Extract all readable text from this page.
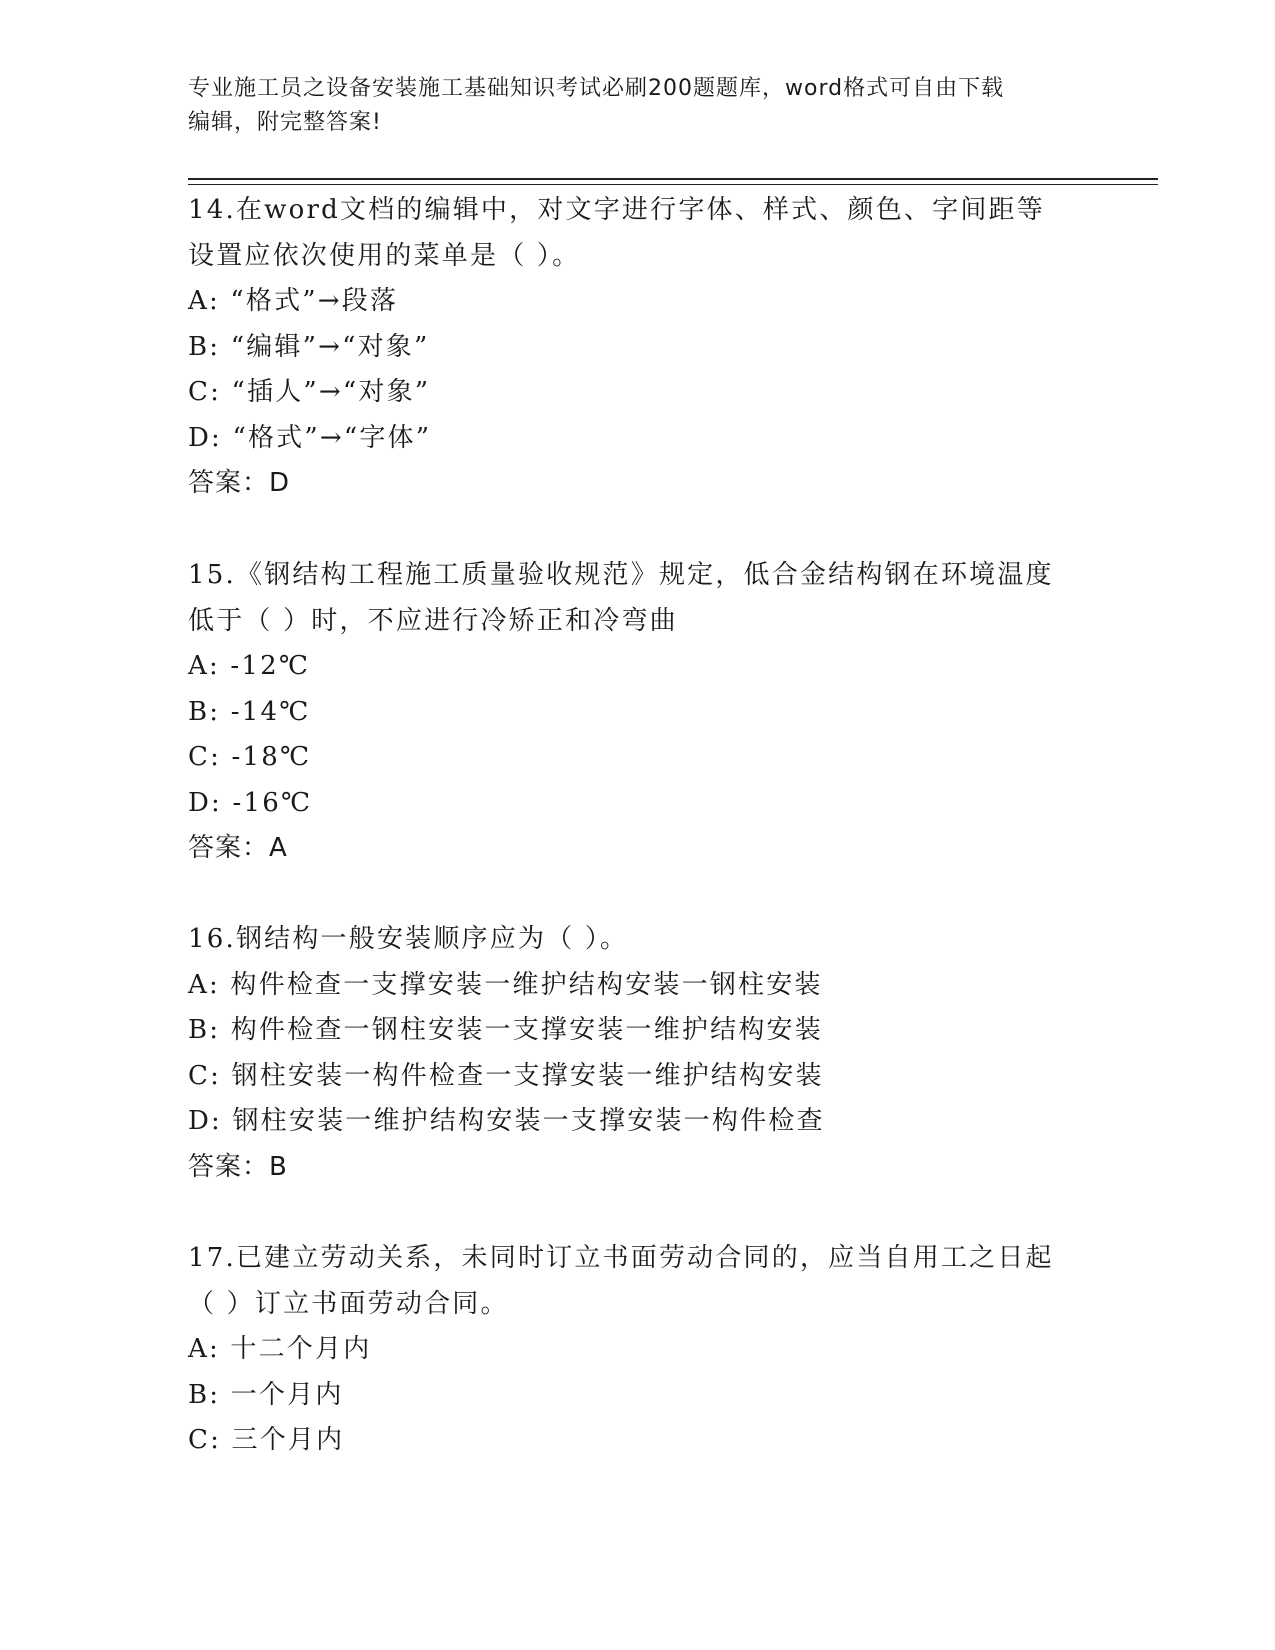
专业施工员之设备安装施工基础知识考试必刷200题题库，word格式可自由下载
编辑，附完整答案!
14.在word文档的编辑中，对文字进行字体、样式、颜色、字间距等
设置应依次使用的菜单是（ ）。
A: “格式”→段落
B: “编辑”→“对象”
C: “插人”→“对象”
D: “格式”→“字体”
答案：D
15.《钢结构工程施工质量验收规范》规定，低合金结构钢在环境温度
低于（ ）时，不应进行冷矫正和冷弯曲
A: -12℃
B: -14℃
C: -18℃
D: -16℃
答案：A
16.钢结构一般安装顺序应为（ ）。
A: 构件检查一支撑安装一维护结构安装一钢柱安装
B: 构件检查一钢柱安装一支撑安装一维护结构安装
C: 钢柱安装一构件检查一支撑安装一维护结构安装
D: 钢柱安装一维护结构安装一支撑安装一构件检查
答案：B
17.已建立劳动关系，未同时订立书面劳动合同的，应当自用工之日起
（ ）订立书面劳动合同。
A: 十二个月内
B: 一个月内
C: 三个月内
